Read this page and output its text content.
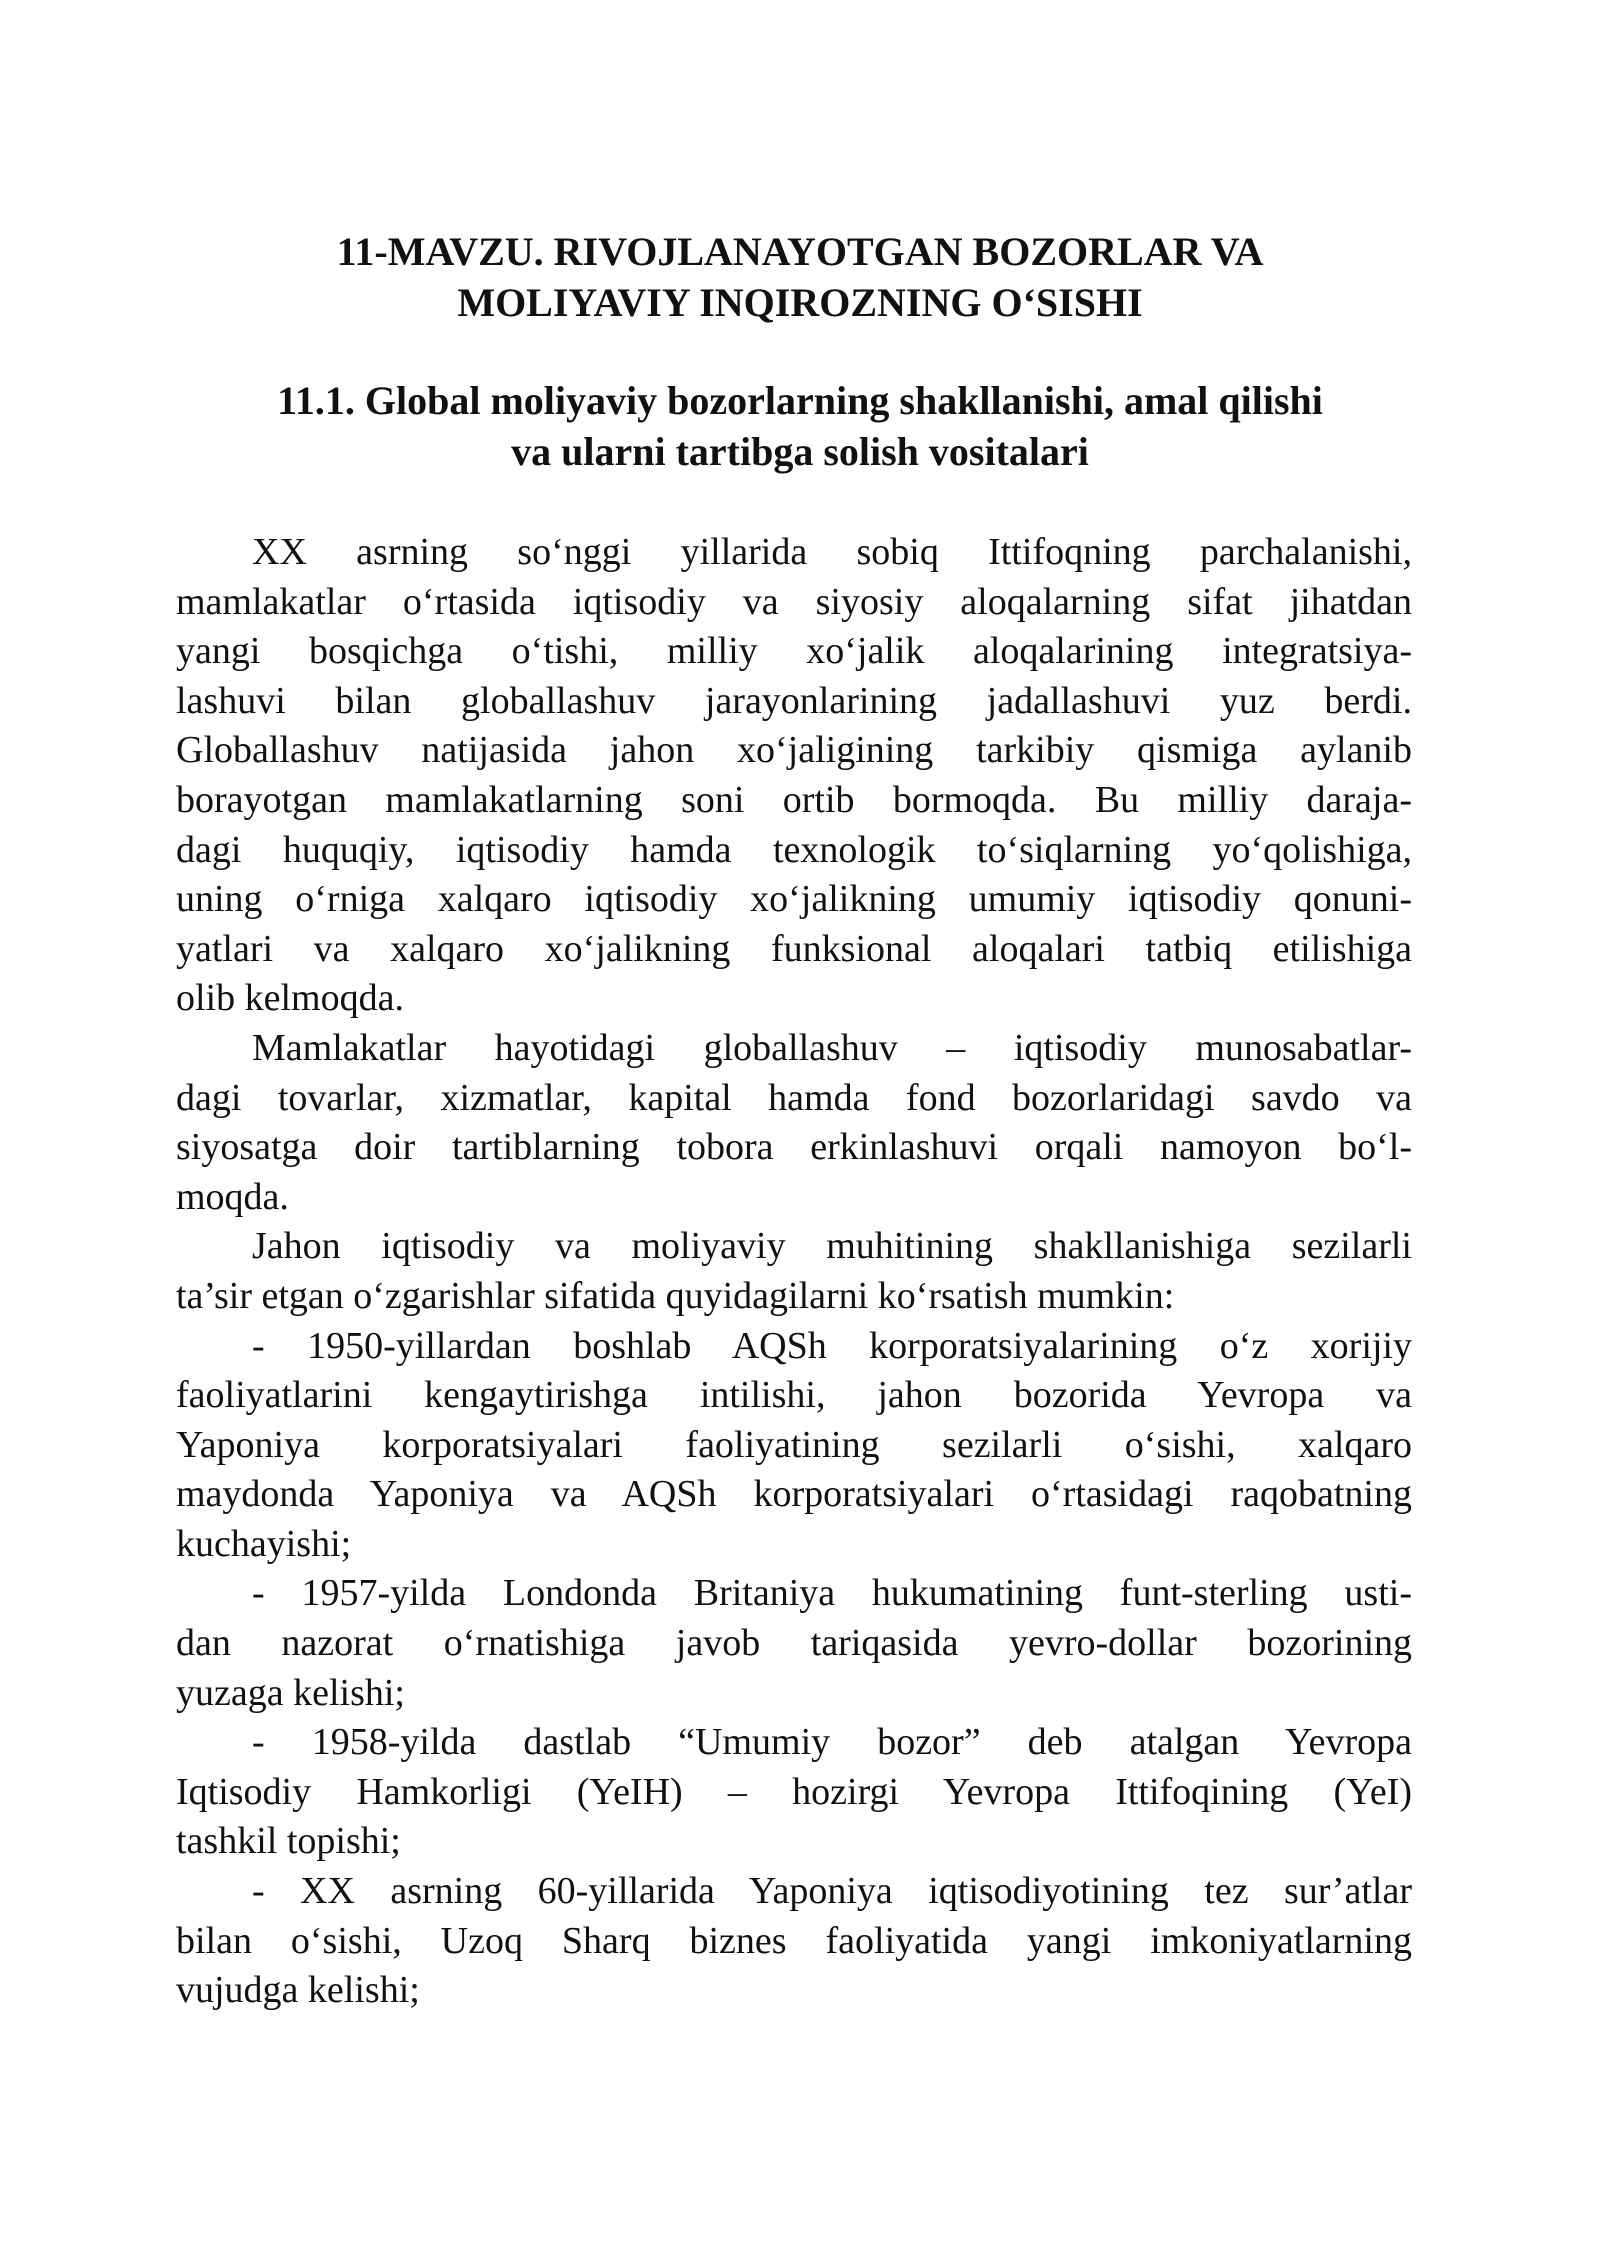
11-MAVZU. RIVOJLANAYOTGAN BOZORLAR VA
MOLIYAVIY INQIROZNING O‘SISHI
11.1. Global moliyaviy bozorlarning shakllanishi, amal qilishi
va ularni tartibga solish vositalari

XX asrning so‘nggi yillarida sobiq Ittifoqning parchalanishi,
mamlakatlar o‘rtasida iqtisodiy va siyosiy aloqalarning sifat jihatdan
yangi bosqichga o‘tishi, milliy xo‘jalik aloqalarining integratsiya-
lashuvi bilan globallashuv jarayonlarining jadallashuvi yuz berdi.
Globallashuv natijasida jahon xo‘jaligining tarkibiy qismiga aylanib
borayotgan mamlakatlarning soni ortib bormoqda. Bu milliy daraja-
dagi huquqiy, iqtisodiy hamda texnologik to‘siqlarning yo‘qolishiga,
uning o‘rniga xalqaro iqtisodiy xo‘jalikning umumiy iqtisodiy qonuni-
yatlari va xalqaro xo‘jalikning funksional aloqalari tatbiq etilishiga
olib kelmoqda.

Mamlakatlar hayotidagi globallashuv – iqtisodiy munosabatlar-
dagi tovarlar, xizmatlar, kapital hamda fond bozorlaridagi savdo va
siyosatga doir tartiblarning tobora erkinlashuvi orqali namoyon bo‘l-
moqda.

Jahon iqtisodiy va moliyaviy muhitining shakllanishiga sezilarli
ta’sir etgan o‘zgarishlar sifatida quyidagilarni ko‘rsatish mumkin:

- 1950-yillardan boshlab AQSh korporatsiyalarining o‘z xorijiy
faoliyatlarini kengaytirishga intilishi, jahon bozorida Yevropa va
Yaponiya korporatsiyalari faoliyatining sezilarli o‘sishi, xalqaro
maydonda Yaponiya va AQSh korporatsiyalari o‘rtasidagi raqobatning
kuchayishi;

- 1957-yilda Londonda Britaniya hukumatining funt-sterling usti-
dan nazorat o‘rnatishiga javob tariqasida yevro-dollar bozorining
yuzaga kelishi;

- 1958-yilda dastlab “Umumiy bozor” deb atalgan Yevropa
Iqtisodiy Hamkorligi (YeIH) – hozirgi Yevropa Ittifoqining (YeI)
tashkil topishi;

- XX asrning 60-yillarida Yaponiya iqtisodiyotining tez sur’atlar
bilan o‘sishi, Uzoq Sharq biznes faoliyatida yangi imkoniyatlarning
vujudga kelishi;
